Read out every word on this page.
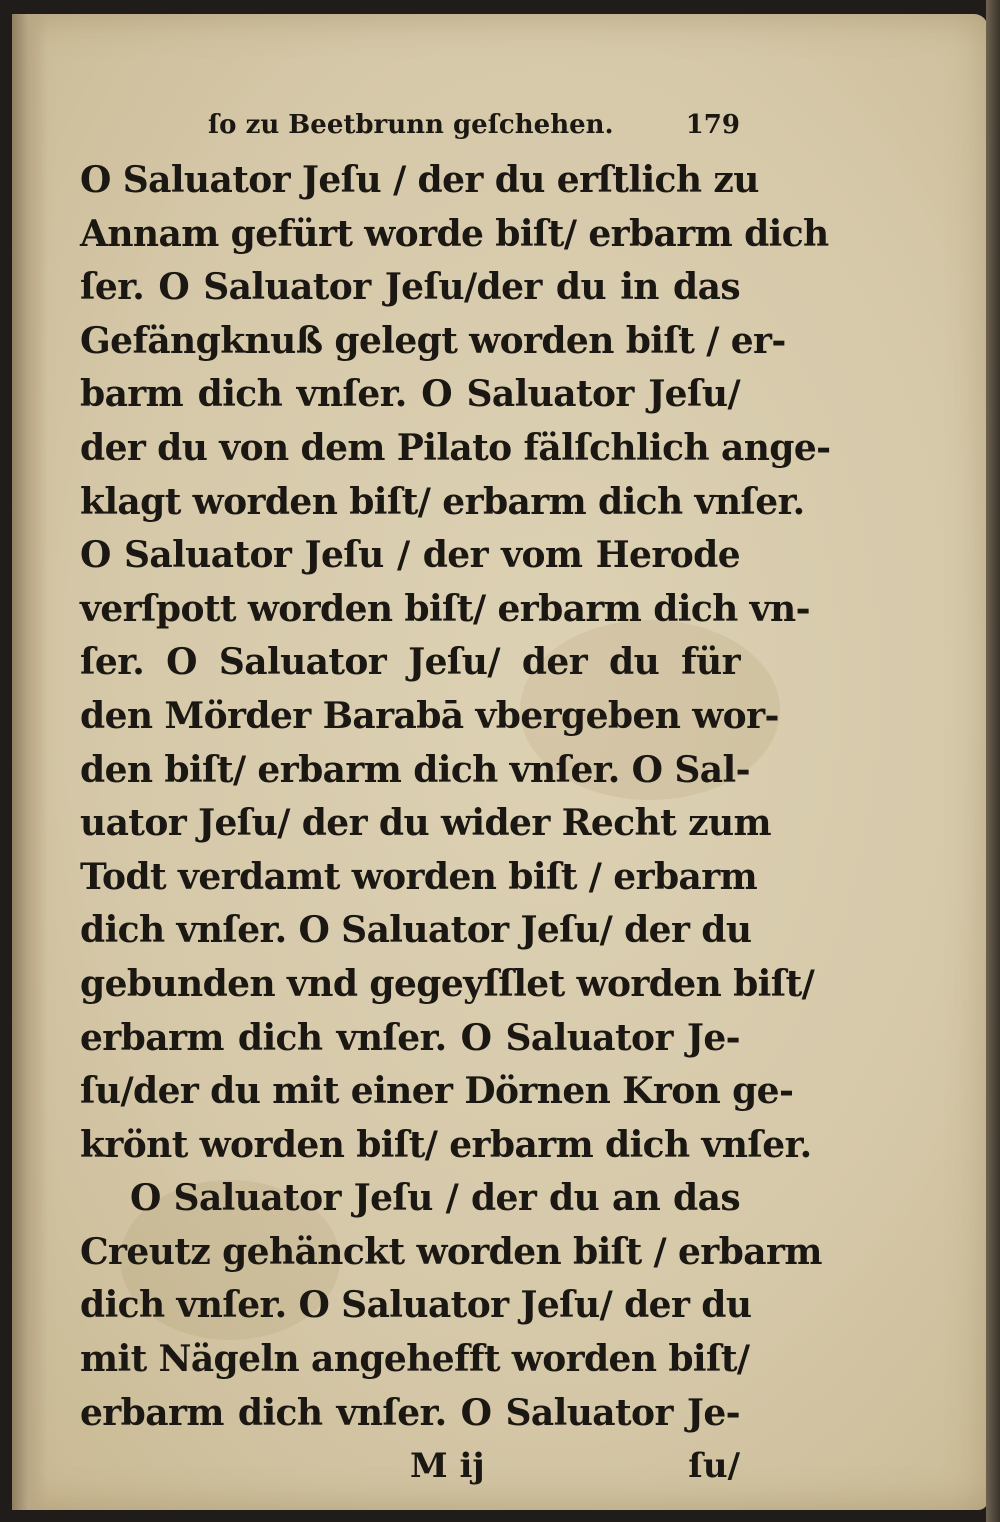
ſo zu Beetbrunn geſchehen.	179
O Saluator Jeſu / der du erſtlich zu
Annam gefürt worde biſt/ erbarm dich
ſer. O Saluator Jeſu/der du in das
Gefängknuß gelegt worden biſt / er-
barm dich vnſer. O Saluator Jeſu/
der du von dem Pilato fälſchlich ange-
klagt worden biſt/ erbarm dich vnſer.
O Saluator Jeſu / der vom Herode
verſpott worden biſt/ erbarm dich vn-
ſer. O Saluator Jeſu/ der du für
den Mörder Barabā vbergeben wor-
den biſt/ erbarm dich vnſer. O Sal-
uator Jeſu/ der du wider Recht zum
Todt verdamt worden biſt / erbarm
dich vnſer. O Saluator Jeſu/ der du
gebunden vnd gegeyſſlet worden biſt/
erbarm dich vnſer. O Saluator Je-
ſu/der du mit einer Dörnen Kron ge-
krönt worden biſt/ erbarm dich vnſer.
O Saluator Jeſu / der du an das
Creutz gehänckt worden biſt / erbarm
dich vnſer. O Saluator Jeſu/ der du
mit Nägeln angehefft worden biſt/
erbarm dich vnſer. O Saluator Je-
M ij	ſu/
